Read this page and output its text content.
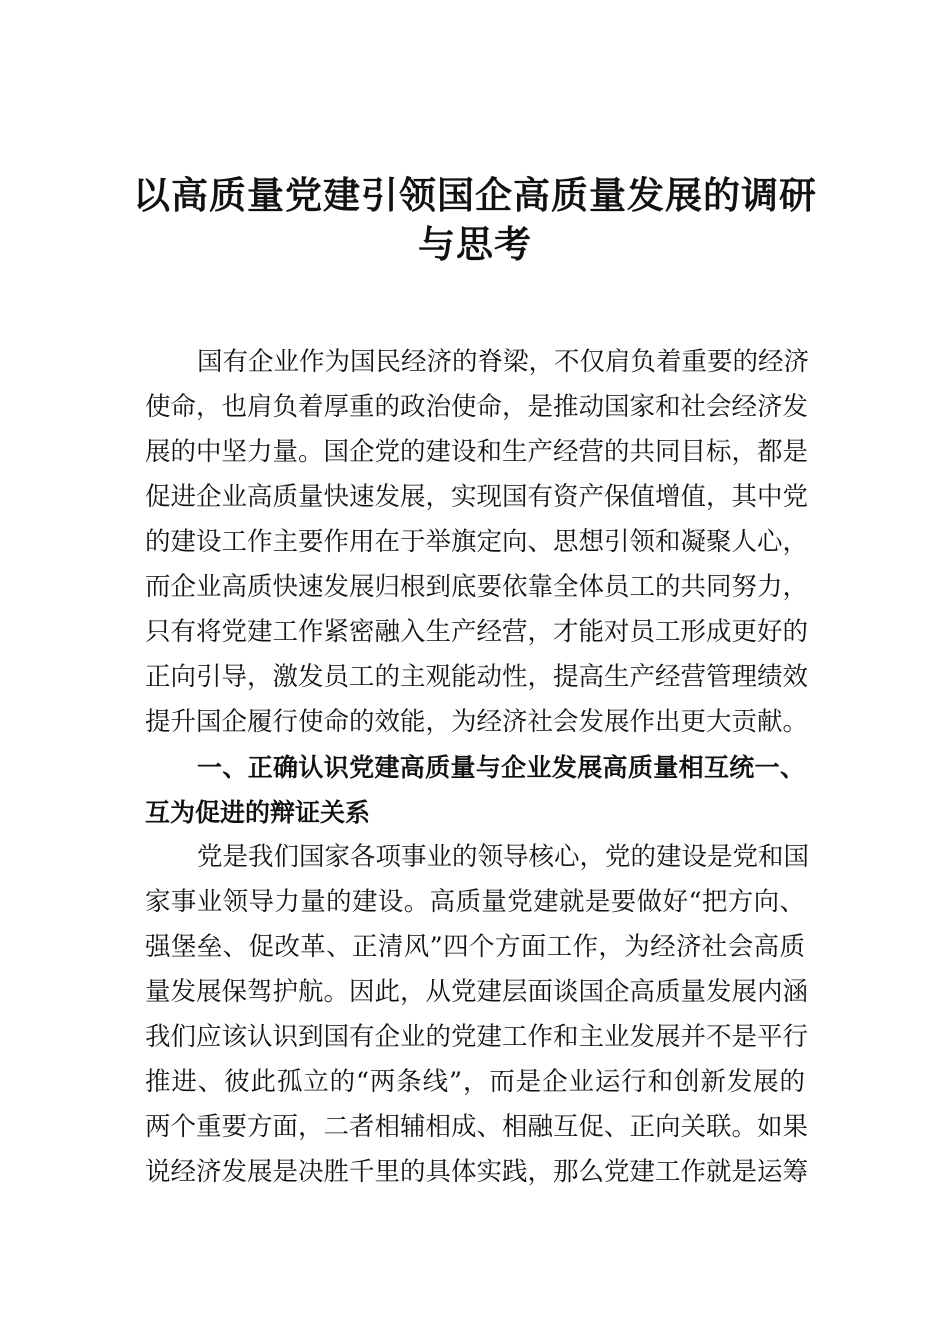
以高质量党建引领国企高质量发展的调研
与思考
国有企业作为国民经济的脊梁，不仅肩负着重要的经济
使命，也肩负着厚重的政治使命，是推动国家和社会经济发
展的中坚力量。国企党的建设和生产经营的共同目标，都是
促进企业高质量快速发展，实现国有资产保值增值，其中党
的建设工作主要作用在于举旗定向、思想引领和凝聚人心，
而企业高质快速发展归根到底要依靠全体员工的共同努力，
只有将党建工作紧密融入生产经营，才能对员工形成更好的
正向引导，激发员工的主观能动性，提高生产经营管理绩效
提升国企履行使命的效能，为经济社会发展作出更大贡献。
一、正确认识党建高质量与企业发展高质量相互统一、
互为促进的辩证关系
党是我们国家各项事业的领导核心，党的建设是党和国
家事业领导力量的建设。高质量党建就是要做好“把方向、
强堡垒、促改革、正清风”四个方面工作，为经济社会高质
量发展保驾护航。因此，从党建层面谈国企高质量发展内涵
我们应该认识到国有企业的党建工作和主业发展并不是平行
推进、彼此孤立的“两条线”，而是企业运行和创新发展的
两个重要方面，二者相辅相成、相融互促、正向关联。如果
说经济发展是决胜千里的具体实践，那么党建工作就是运筹
